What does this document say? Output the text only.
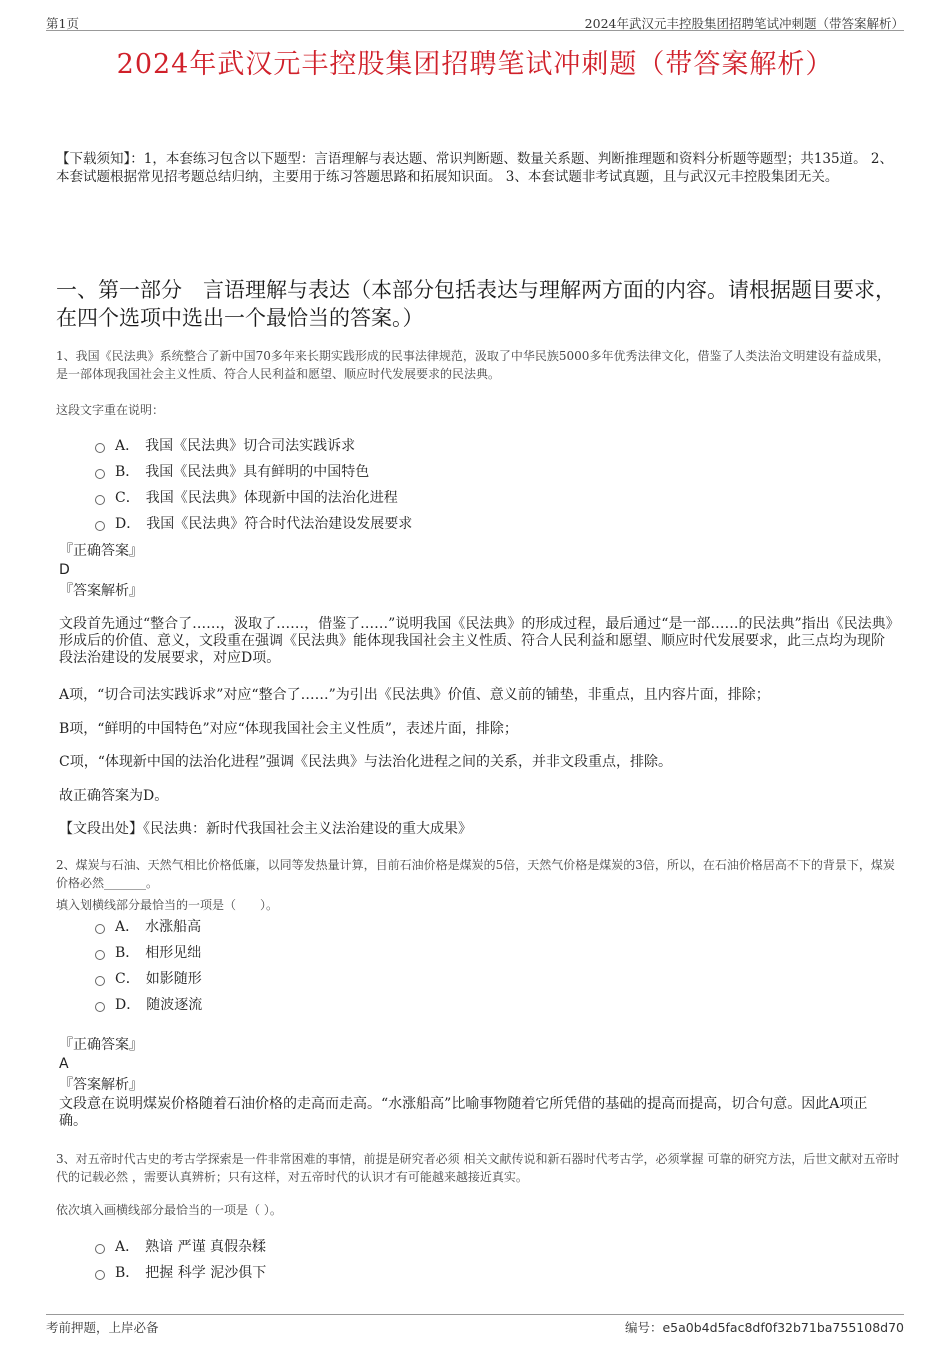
第1页	2024年武汉元丰控股集团招聘笔试冲刺题（带答案解析）
2024年武汉元丰控股集团招聘笔试冲刺题（带答案解析）
【下载须知】：1，本套练习包含以下题型：言语理解与表达题、常识判断题、数量关系题、判断推理题和资料分析题等题型；共135道。 2、本套试题根据常见招考题总结归纳，主要用于练习答题思路和拓展知识面。 3、本套试题非考试真题，且与武汉元丰控股集团无关。
一、第一部分　言语理解与表达（本部分包括表达与理解两方面的内容。请根据题目要求，在四个选项中选出一个最恰当的答案。）
1、我国《民法典》系统整合了新中国70多年来长期实践形成的民事法律规范，汲取了中华民族5000多年优秀法律文化，借鉴了人类法治文明建设有益成果，是一部体现我国社会主义性质、符合人民利益和愿望、顺应时代发展要求的民法典。
这段文字重在说明：
A． 我国《民法典》切合司法实践诉求
B． 我国《民法典》具有鲜明的中国特色
C． 我国《民法典》体现新中国的法治化进程
D． 我国《民法典》符合时代法治建设发展要求
『正确答案』
D
『答案解析』
文段首先通过“整合了……，汲取了……，借鉴了……”说明我国《民法典》的形成过程，最后通过“是一部……的民法典”指出《民法典》形成后的价值、意义，文段重在强调《民法典》能体现我国社会主义性质、符合人民利益和愿望、顺应时代发展要求，此三点均为现阶段法治建设的发展要求，对应D项。
A项，“切合司法实践诉求”对应“整合了……”为引出《民法典》价值、意义前的铺垫，非重点，且内容片面，排除；
B项，“鲜明的中国特色”对应“体现我国社会主义性质”，表述片面，排除；
C项，“体现新中国的法治化进程”强调《民法典》与法治化进程之间的关系，并非文段重点，排除。
故正确答案为D。
【文段出处】《民法典：新时代我国社会主义法治建设的重大成果》
2、煤炭与石油、天然气相比价格低廉，以同等发热量计算，目前石油价格是煤炭的5倍，天然气价格是煤炭的3倍，所以，在石油价格居高不下的背景下，煤炭价格必然_______。
填入划横线部分最恰当的一项是（　　）。
A． 水涨船高
B． 相形见绌
C． 如影随形
D． 随波逐流
『正确答案』
A
『答案解析』
文段意在说明煤炭价格随着石油价格的走高而走高。“水涨船高”比喻事物随着它所凭借的基础的提高而提高，切合句意。因此A项正确。
3、对五帝时代古史的考古学探索是一件非常困难的事情，前提是研究者必须 相关文献传说和新石器时代考古学，必须掌握 可靠的研究方法，后世文献对五帝时代的记载必然 ，需要认真辨析；只有这样，对五帝时代的认识才有可能越来越接近真实。
依次填入画横线部分最恰当的一项是（ ）。
A． 熟谙 严谨 真假杂糅
B． 把握 科学 泥沙俱下
考前押题，上岸必备	编号：e5a0b4d5fac8df0f32b71ba755108d70
